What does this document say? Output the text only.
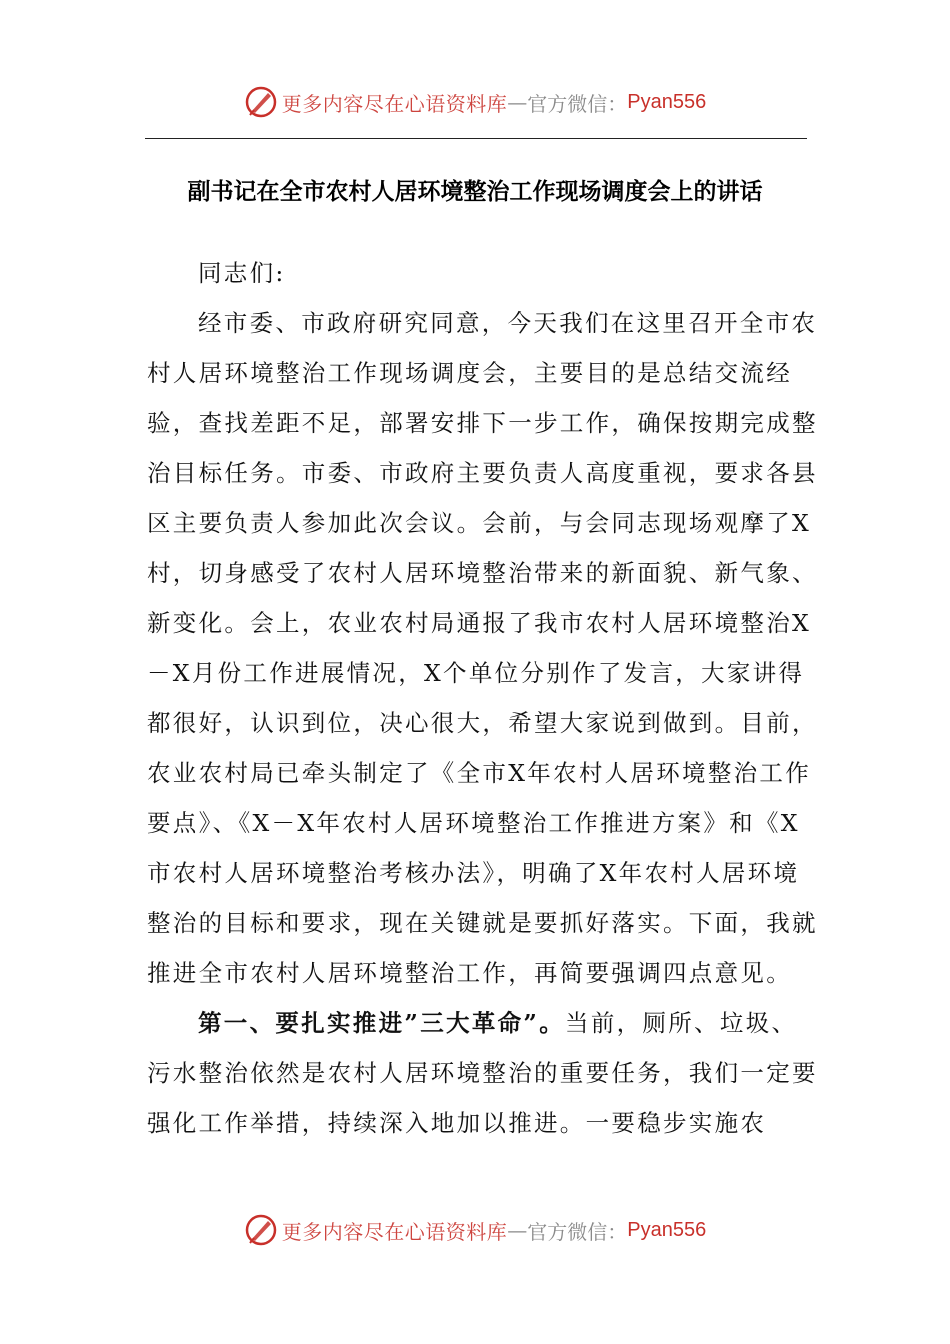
更多内容尽在心语资料库 — 官方微信： Pyan556
副书记在全市农村人居环境整治工作现场调度会上的讲话

同志们:

经市委、市政府研究同意，今天我们在这里召开全市农村人居环境整治工作现场调度会，主要目的是总结交流经验，查找差距不足，部署安排下一步工作，确保按期完成整治目标任务。市委、市政府主要负责人高度重视，要求各县区主要负责人参加此次会议。会前，与会同志现场观摩了X村，切身感受了农村人居环境整治带来的新面貌、新气象、新变化。会上，农业农村局通报了我市农村人居环境整治X－X月份工作进展情况，X个单位分别作了发言，大家讲得都很好，认识到位，决心很大，希望大家说到做到。目前，农业农村局已牵头制定了《全市X年农村人居环境整治工作要点》、《X－X年农村人居环境整治工作推进方案》和《X市农村人居环境整治考核办法》，明确了X年农村人居环境整治的目标和要求，现在关键就是要抓好落实。下面，我就推进全市农村人居环境整治工作，再简要强调四点意见。

第一、要扎实推进”三大革命”。当前，厕所、垃圾、污水整治依然是农村人居环境整治的重要任务，我们一定要强化工作举措，持续深入地加以推进。一要稳步实施农

更多内容尽在心语资料库 — 官方微信： Pyan556
